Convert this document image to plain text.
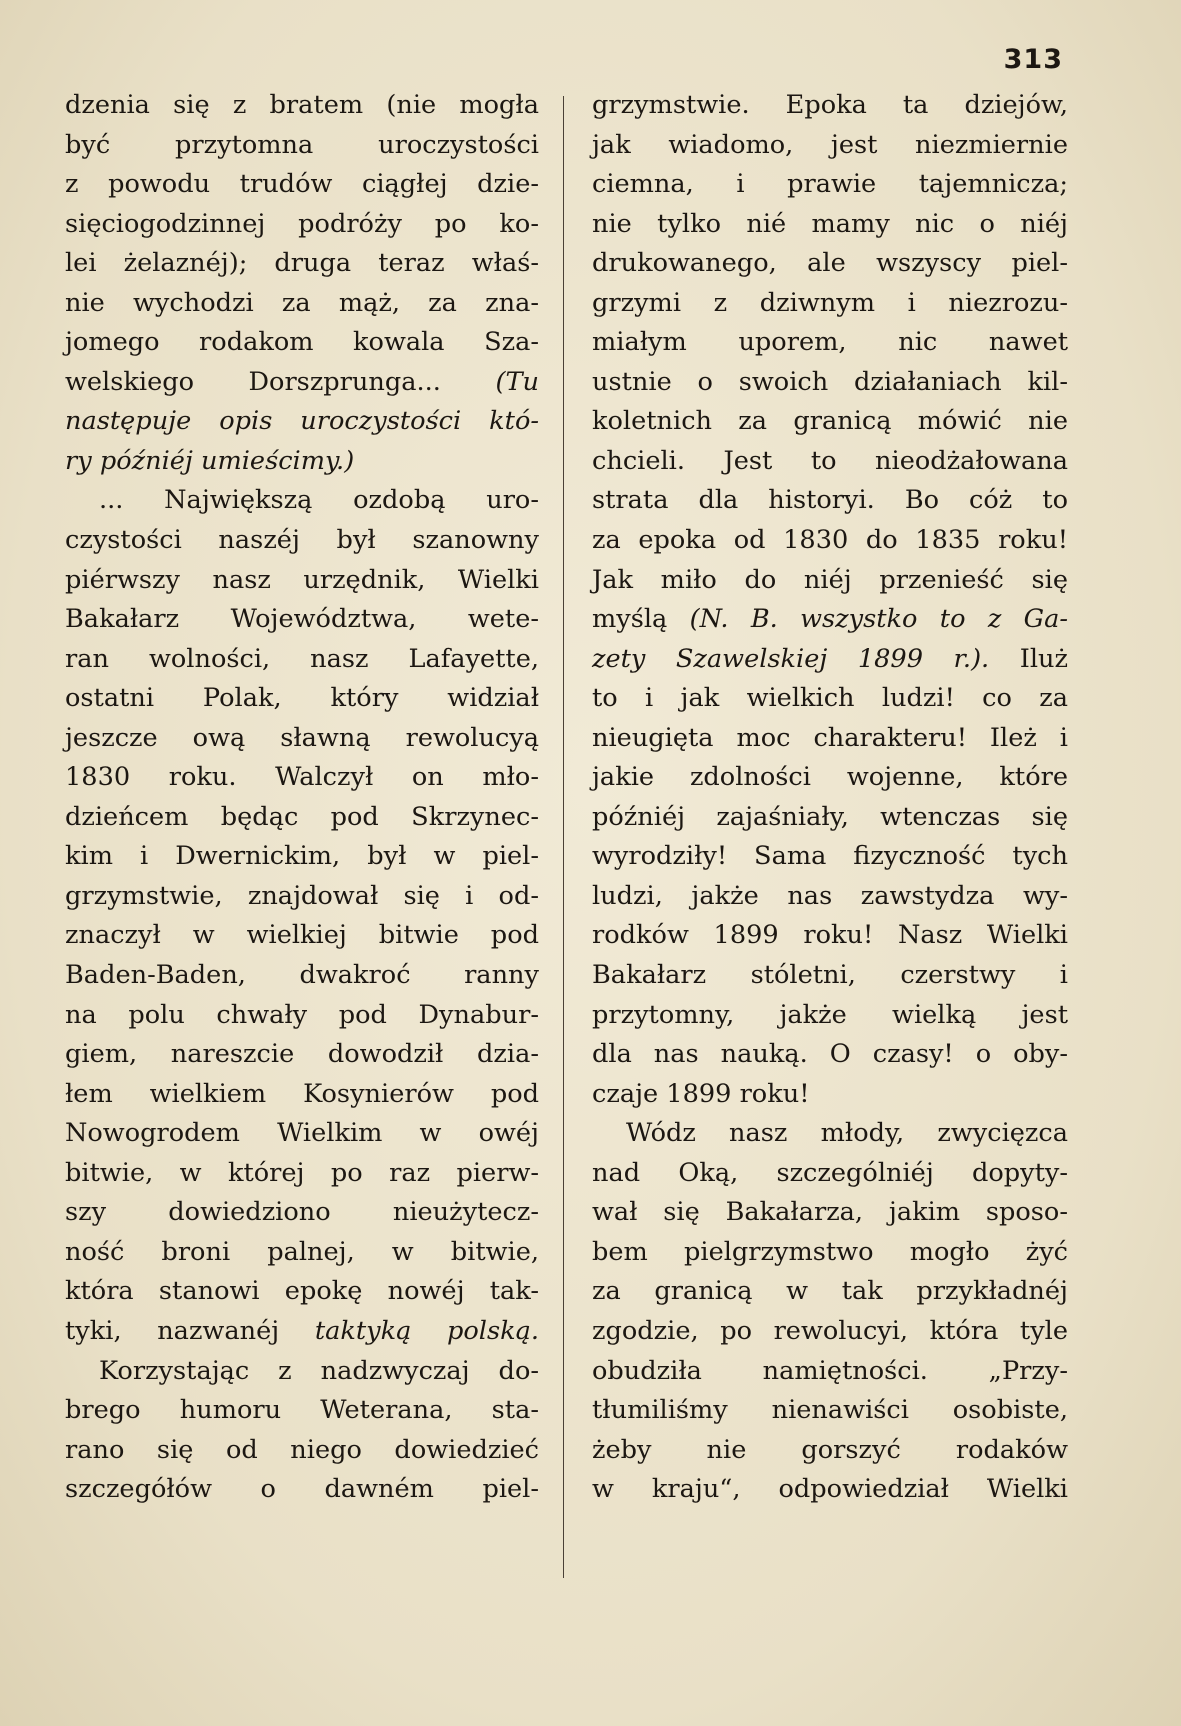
313
dzenia się z bratem (nie mogła
być przytomna uroczystości
z powodu trudów ciągłej dzie-
sięciogodzinnej podróży po ko-
lei żelaznéj); druga teraz właś-
nie wychodzi za mąż, za zna-
jomego rodakom kowala Sza-
welskiego Dorszprunga... (Tu
następuje opis uroczystości któ-
ry późniéj umieścimy.)
... Największą ozdobą uro-
czystości naszéj był szanowny
piérwszy nasz urzędnik, Wielki
Bakałarz Województwa, wete-
ran wolności, nasz Lafayette,
ostatni Polak, który widział
jeszcze ową sławną rewolucyą
1830 roku. Walczył on mło-
dzieńcem będąc pod Skrzyneс-
kim i Dwernickim, był w piel-
grzymstwie, znajdował się i od-
znaczył w wielkiej bitwie pod
Baden-Baden, dwakroć ranny
na polu chwały pod Dynabur-
giem, nareszcie dowodził dzia-
łem wielkiem Kosynierów pod
Nowogrodem Wielkim w owéj
bitwie, w której po raz pierw-
szy dowiedziono nieużytecz-
ność broni palnej, w bitwie,
która stanowi epokę nowéj tak-
tyki, nazwanéj taktyką polską.
Korzystając z nadzwyczaj do-
brego humoru Weterana, sta-
rano się od niego dowiedzieć
szczegółów o dawném piel-
grzymstwie. Epoka ta dziejów,
jak wiadomo, jest niezmiernie
ciemna, i prawie tajemnicza;
nie tylko nié mamy nic o niéj
drukowanego, ale wszyscy piel-
grzymi z dziwnym i niezrozu-
miałym uporem, nic nawet
ustnie o swoich działaniach kil-
koletnich za granicą mówić nie
chcieli. Jest to nieodżałowana
strata dla historyi. Bo cóż to
za epoka od 1830 do 1835 roku!
Jak miło do niéj przenieść się
myślą (N. B. wszystko to z Ga-
zety Szawelskiej 1899 r.). Iluż
to i jak wielkich ludzi! co za
nieugięta moc charakteru! Ileż i
jakie zdolności wojenne, które
późniéj zajaśniały, wtenczas się
wyrodziły! Sama fizyczność tych
ludzi, jakże nas zawstydza wy-
rodków 1899 roku! Nasz Wielki
Bakałarz stóletni, czerstwy i
przytomny, jakże wielką jest
dla nas nauką. O czasy! o oby-
czaje 1899 roku!
Wódz nasz młody, zwycięzca
nad Oką, szczególniéj dopyty-
wał się Bakałarza, jakim sposo-
bem pielgrzymstwo mogło żyć
za granicą w tak przykładnéj
zgodzie, po rewolucyi, która tyle
obudziła namiętności. „Przy-
tłumiliśmy nienawiści osobiste,
żeby nie gorszyć rodaków
w kraju“, odpowiedział Wielki
